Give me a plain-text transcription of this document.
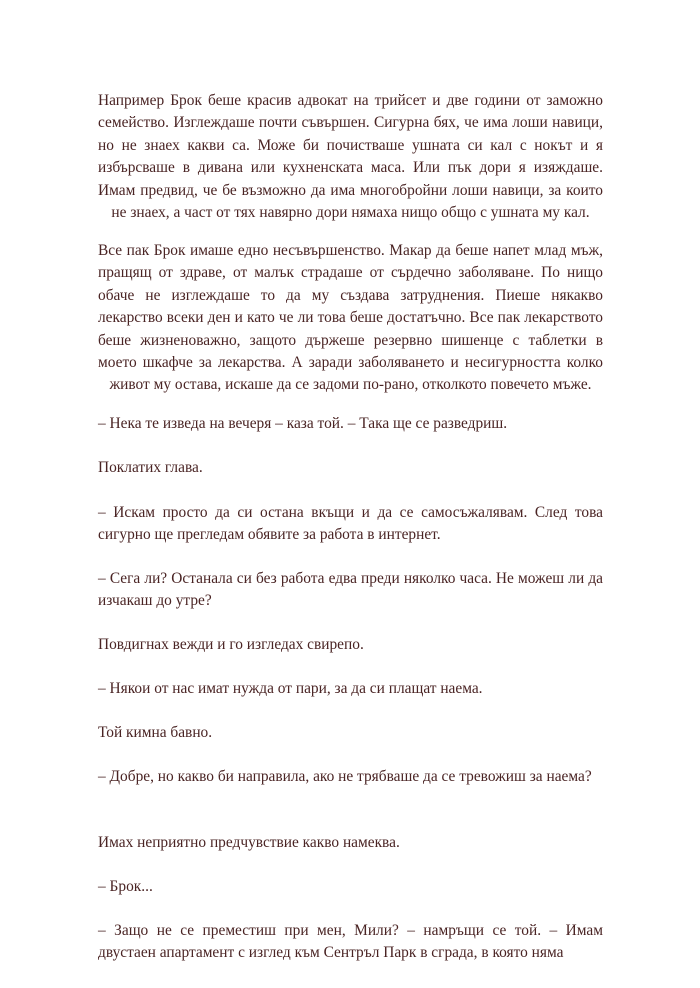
Например Брок беше красив адвокат на трийсет и две години от заможно семейство. Изглеждаше почти съвършен. Сигурна бях, че има лоши навици, но не знаех какви са. Може би почистваше ушната си кал с нокът и я избърсваше в дивана или кухненската маса. Или пък дори я изяждаше. Имам предвид, че бе възможно да има многобройни лоши навици, за които не знаех, а част от тях навярно дори нямаха нищо общо с ушната му кал.

Все пак Брок имаше едно несъвършенство. Макар да беше напет млад мъж, пращящ от здраве, от малък страдаше от сърдечно заболяване. По нищо обаче не изглеждаше то да му създава затруднения. Пиеше някакво лекарство всеки ден и като че ли това беше достатъчно. Все пак лекарството беше жизненоважно, защото държеше резервно шишенце с таблетки в моето шкафче за лекарства. А заради заболяването и несигурността колко живот му остава, искаше да се задоми по-рано, отколкото повечето мъже.

– Нека те изведа на вечеря – каза той. – Така ще се разведриш.

Поклатих глава.

– Искам просто да си остана вкъщи и да се самосъжалявам. След това сигурно ще прегледам обявите за работа в интернет.

– Сега ли? Останала си без работа едва преди няколко часа. Не можеш ли да изчакаш до утре?

Повдигнах вежди и го изгледах свирепо.

– Някои от нас имат нужда от пари, за да си плащат наема.

Той кимна бавно.

– Добре, но какво би направила, ако не трябваше да се тревожиш за наема?

Имах неприятно предчувствие какво намеква.

– Брок...

– Защо не се преместиш при мен, Мили? – намръщи се той. – Имам двустаен апартамент с изглед към Сентръл Парк в сграда, в която няма
